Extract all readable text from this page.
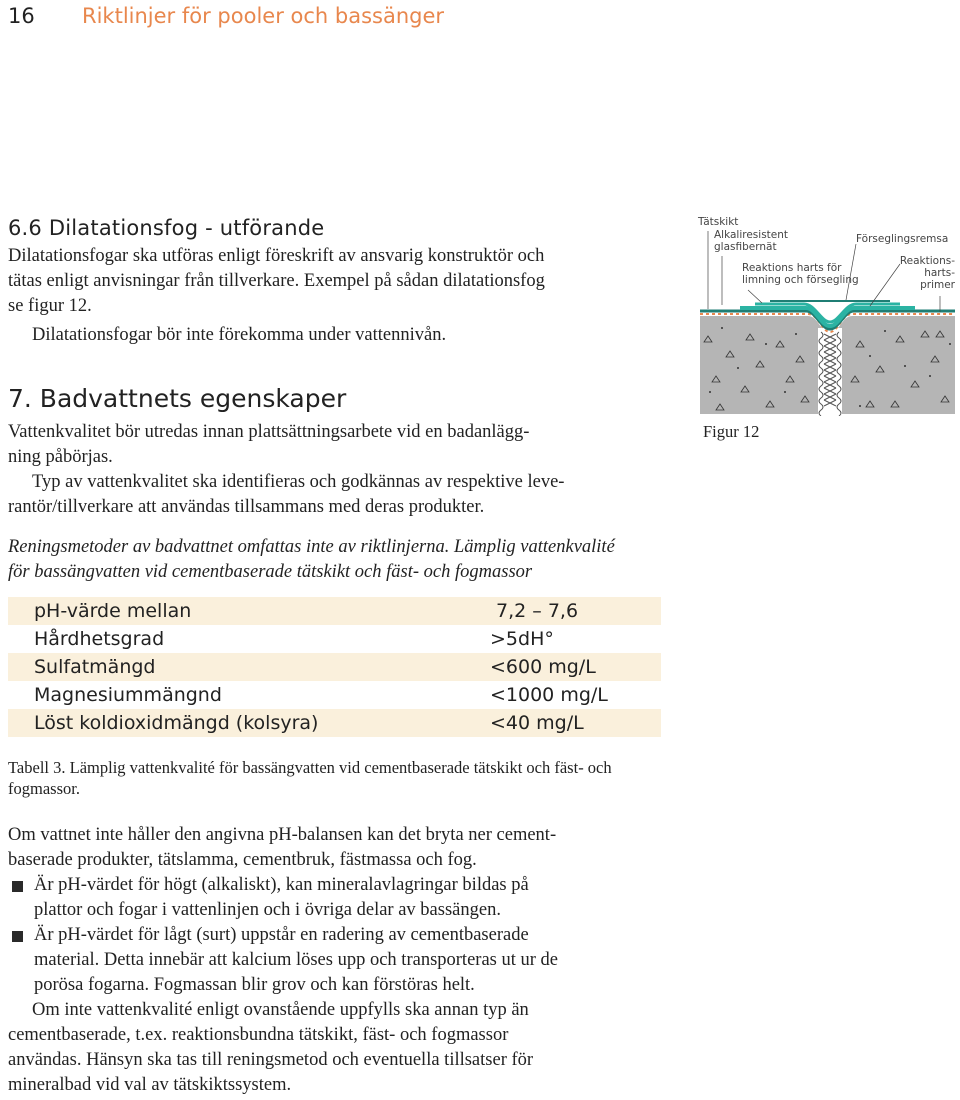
16 Riktlinjer för pooler och bassänger
6.6 Dilatationsfog - utförande

Dilatationsfogar ska utföras enligt föreskrift av ansvarig konstruktör och

tätas enligt anvisningar från tillverkare. Exempel på sådan dilatationsfog

se figur 12.

Dilatationsfogar bör inte förekomma under vattennivån.

Tätskikt
Alkaliresistent
glasfibernät
Förseglingsremsa
Reaktions harts för
limning och försegling
Reaktions-
harts-
primer
Figur 12
7. Badvattnets egenskaper

Vattenkvalitet bör utredas innan plattsättningsarbete vid en badanlägg-

ning påbörjas.

Typ av vattenkvalitet ska identifieras och godkännas av respektive leve-

rantör/tillverkare att användas tillsammans med deras produkter.

Reningsmetoder av badvattnet omfattas inte av riktlinjerna. Lämplig vattenkvalité

för bassängvatten vid cementbaserade tätskikt och fäst- och fogmassor

pH-värde mellan	7,2 – 7,6
Hårdhetsgrad	>5dH°
Sulfatmängd	<600 mg/L
Magnesiummängnd	<1000 mg/L
Löst koldioxidmängd (kolsyra)	<40 mg/L
Tabell 3. Lämplig vattenkvalité för bassängvatten vid cementbaserade tätskikt och fäst- och
fogmassor.

Om vattnet inte håller den angivna pH-balansen kan det bryta ner cement-

baserade produkter, tätslamma, cementbruk, fästmassa och fog.

Är pH-värdet för högt (alkaliskt), kan mineralavlagringar bildas på
plattor och fogar i vattenlinjen och i övriga delar av bassängen.
Är pH-värdet för lågt (surt) uppstår en radering av cementbaserade
material. Detta innebär att kalcium löses upp och transporteras ut ur de
porösa fogarna. Fogmassan blir grov och kan förstöras helt.

Om inte vattenkvalité enligt ovanstående uppfylls ska annan typ än

cementbaserade, t.ex. reaktionsbundna tätskikt, fäst- och fogmassor

användas. Hänsyn ska tas till reningsmetod och eventuella tillsatser för

mineralbad vid val av tätskiktssystem.
